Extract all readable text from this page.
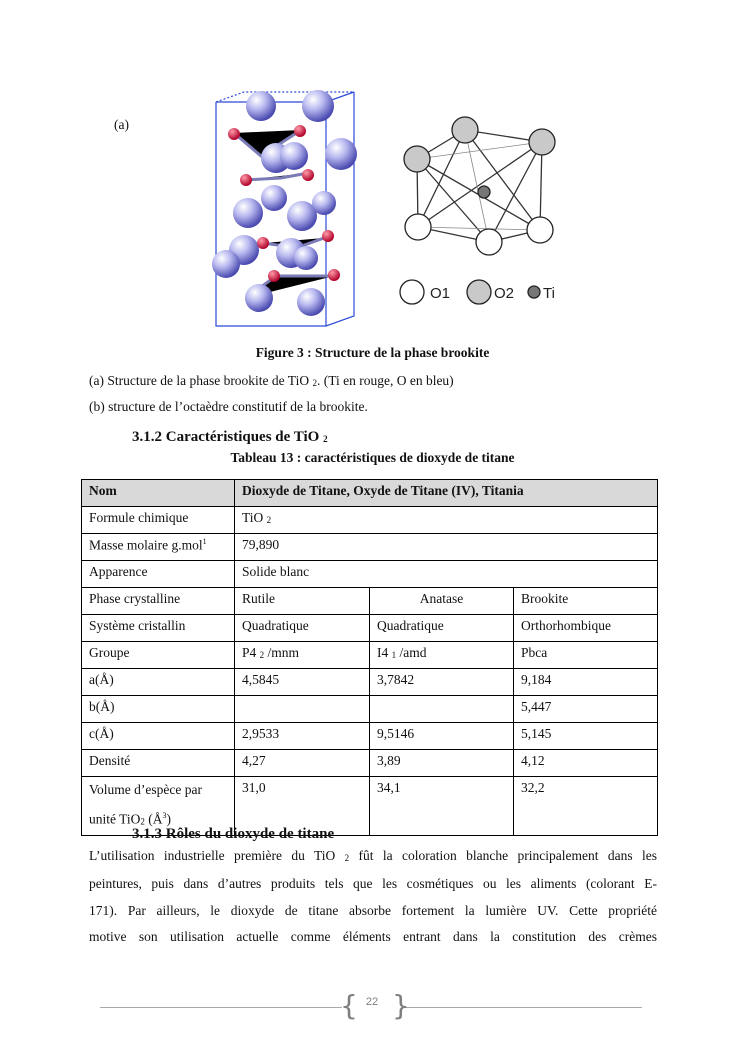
(a)
O1	O2 Ti
Figure 3 : Structure de la phase brookite
(a) Structure de la phase brookite de TiO $_2$. (Ti en rouge, O en bleu)
(b) structure de l’octaèdre constitutif de la brookite.
3.1.2 Caractéristiques de TiO $_2$
Tableau 13 : caractéristiques de dioxyde de titane
Nom	Dioxyde de Titane, Oxyde de Titane (IV), Titania		
Formule chimique	TiO $_2$
Masse molaire g.mol$^1$	79,890		
Apparence	Solide blanc		
Phase crystalline	Rutile	Anatase	Brookite
Système cristallin	Quadratique	Quadratique	Orthorhombique
Groupe	P4 $_2$ /mnm	I4 $_1$ /amd	Pbca
a(Å)	4,5845	3,7842	9,184
b(Å)			5,447
c(Å)	2,9533	9,5146	5,145
Densité	4,27	3,89	4,12
Volume d’espèce par
unité TiO$_2$ $(Å^3)$	31,0	34,1	32,2
3.1.3 Rôles du dioxyde de titane
L’utilisation industrielle première du TiO $_2$ fût la coloration blanche principalement dans les
peintures, puis dans d’autres produits tels que les cosmétiques ou les aliments (colorant E-
171). Par ailleurs, le dioxyde de titane absorbe fortement la lumière UV. Cette propriété
motive son utilisation actuelle comme éléments entrant dans la constitution des crèmes
{ }
22
